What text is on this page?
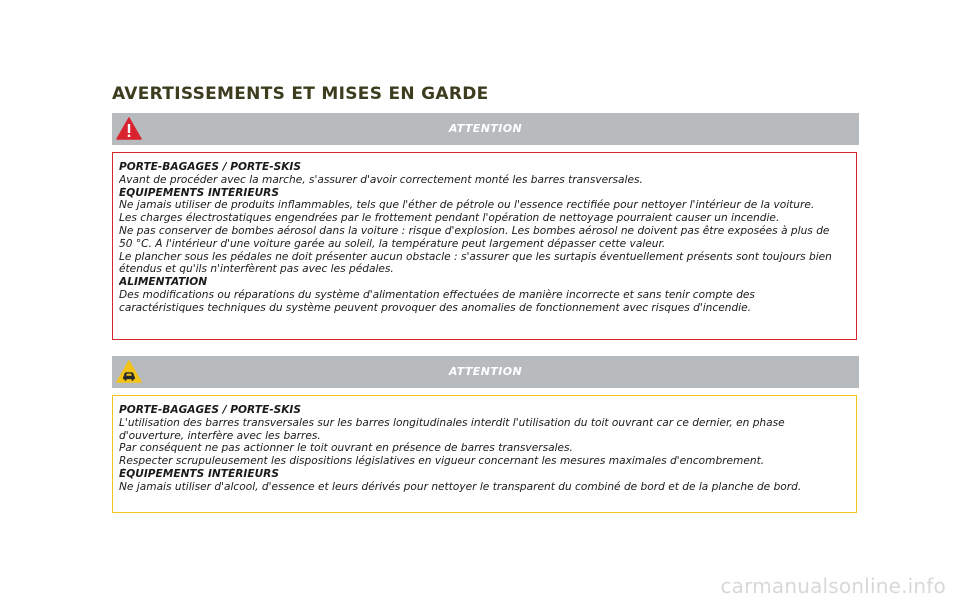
AVERTISSEMENTS ET MISES EN GARDE
ATTENTION
PORTE-BAGAGES / PORTE-SKIS
Avant de procéder avec la marche, s'assurer d'avoir correctement monté les barres transversales.
ÉQUIPEMENTS INTÉRIEURS
Ne jamais utiliser de produits inflammables, tels que l'éther de pétrole ou l'essence rectifiée pour nettoyer l'intérieur de la voiture.
Les charges électrostatiques engendrées par le frottement pendant l'opération de nettoyage pourraient causer un incendie.
Ne pas conserver de bombes aérosol dans la voiture : risque d'explosion. Les bombes aérosol ne doivent pas être exposées à plus de
50 °C. À l'intérieur d'une voiture garée au soleil, la température peut largement dépasser cette valeur.
Le plancher sous les pédales ne doit présenter aucun obstacle : s'assurer que les surtapis éventuellement présents sont toujours bien
étendus et qu'ils n'interfèrent pas avec les pédales.
ALIMENTATION
Des modifications ou réparations du système d'alimentation effectuées de manière incorrecte et sans tenir compte des
caractéristiques techniques du système peuvent provoquer des anomalies de fonctionnement avec risques d'incendie.
ATTENTION
PORTE-BAGAGES / PORTE-SKIS
L'utilisation des barres transversales sur les barres longitudinales interdit l'utilisation du toit ouvrant car ce dernier, en phase
d'ouverture, interfère avec les barres.
Par conséquent ne pas actionner le toit ouvrant en présence de barres transversales.
Respecter scrupuleusement les dispositions législatives en vigueur concernant les mesures maximales d'encombrement.
ÉQUIPEMENTS INTÉRIEURS
Ne jamais utiliser d'alcool, d'essence et leurs dérivés pour nettoyer le transparent du combiné de bord et de la planche de bord.
carmanualsonline.info
